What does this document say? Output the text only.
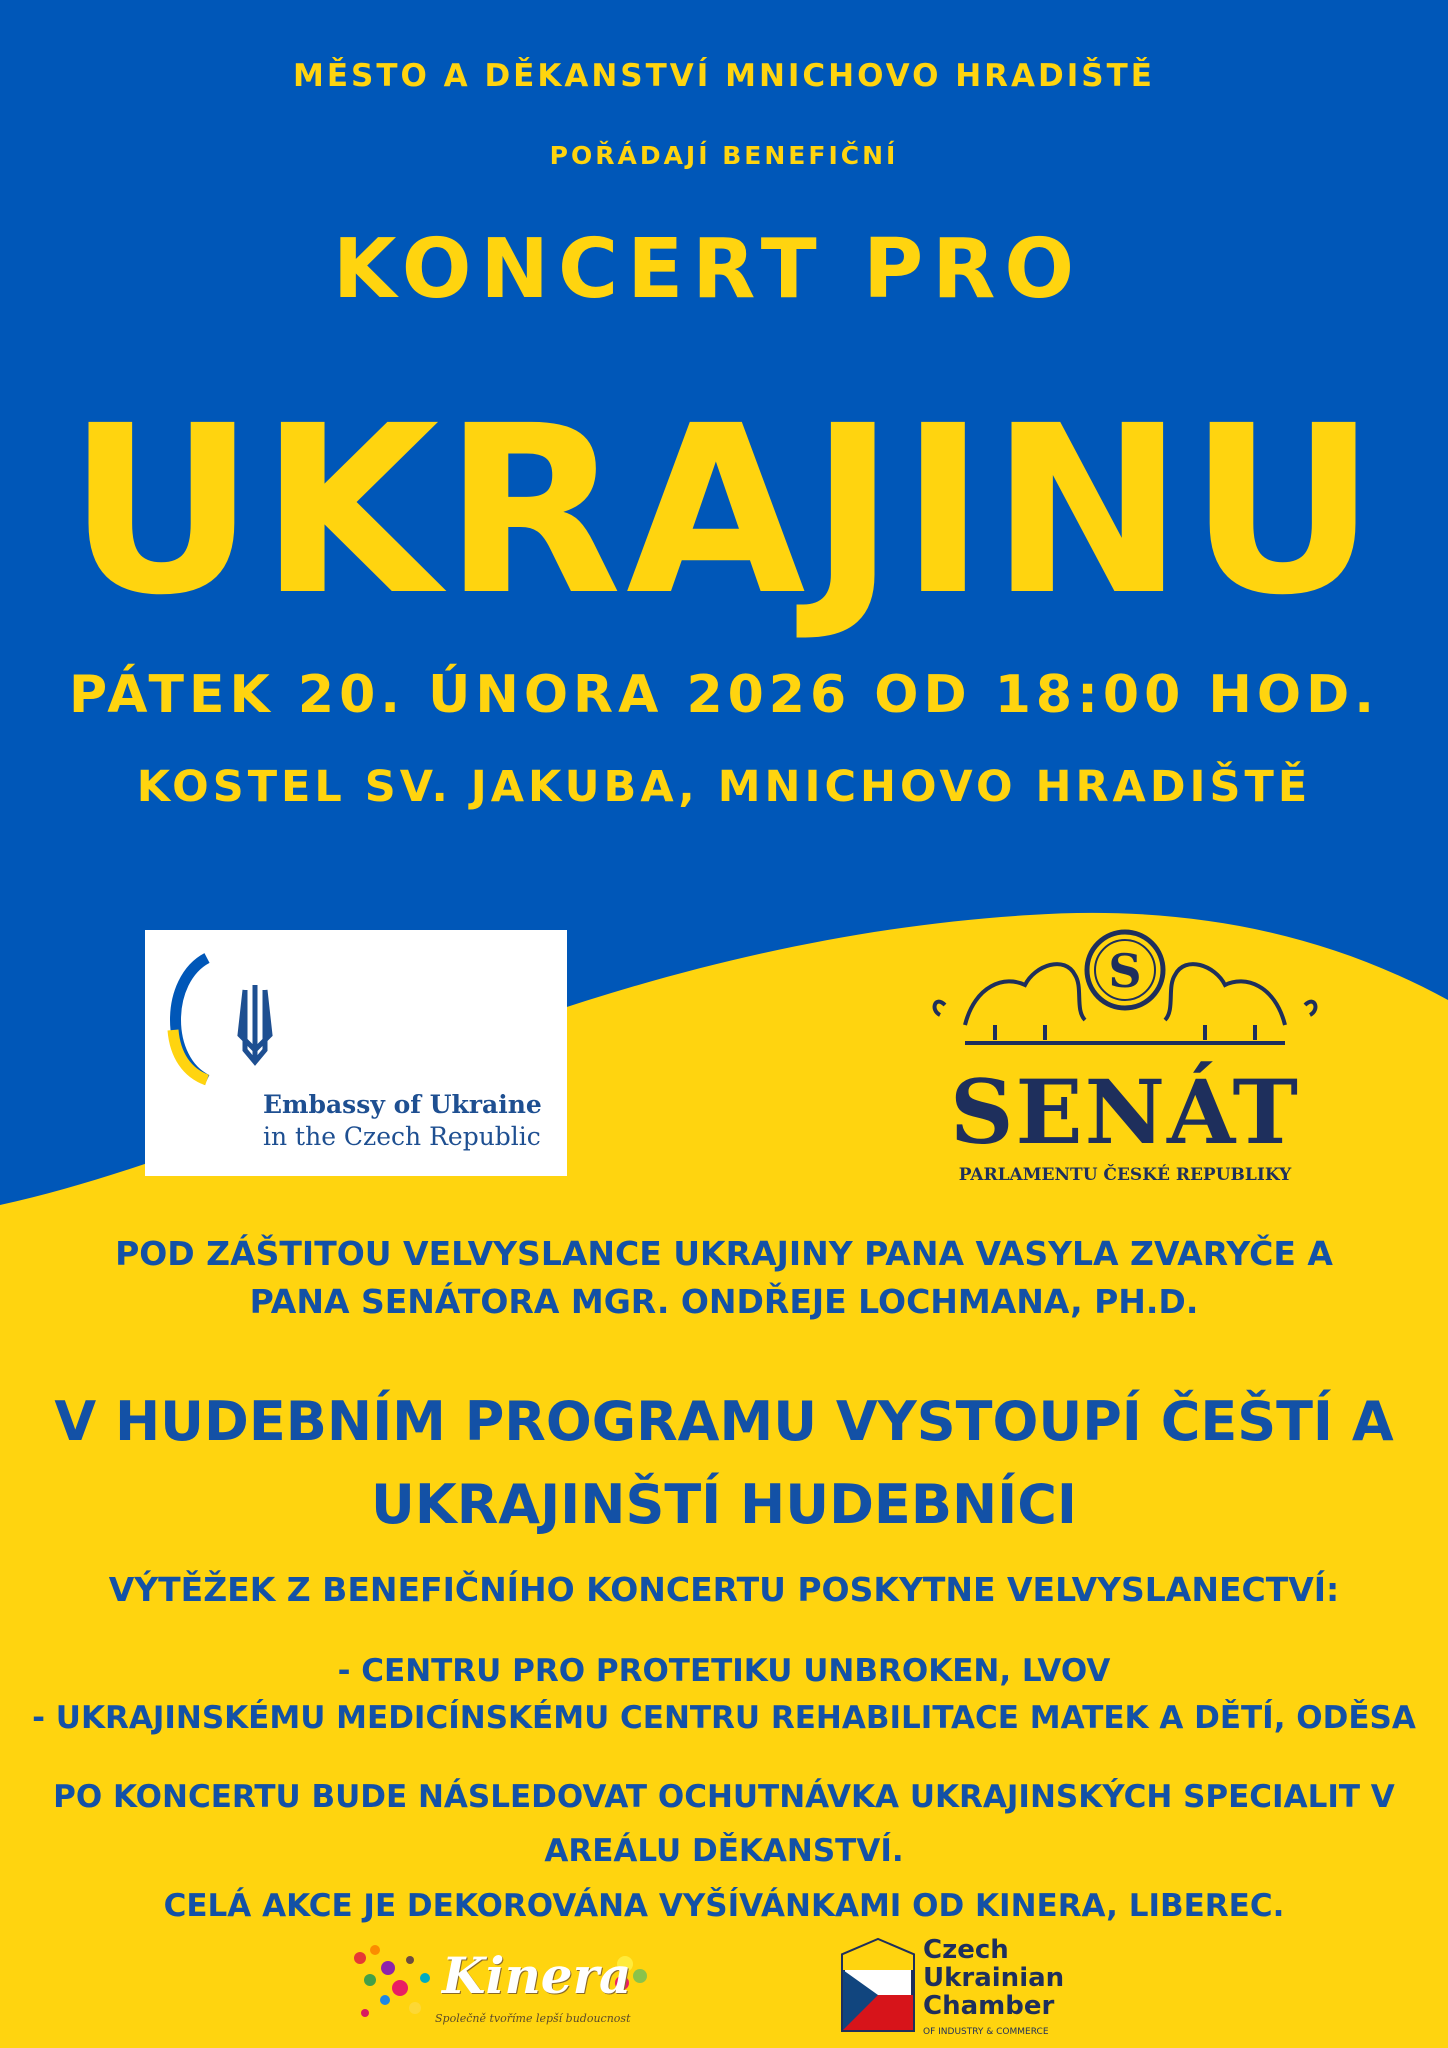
MĚSTO A DĚKANSTVÍ MNICHOVO HRADIŠTĚ
POŘÁDAJÍ BENEFIČNÍ
KONCERT PRO
UKRAJINU
PÁTEK 20. ÚNORA 2026 OD 18:00 HOD.
KOSTEL SV. JAKUBA, MNICHOVO HRADIŠTĚ
Embassy of Ukraine
in the Czech Republic
S
SENÁT
PARLAMENTU ČESKÉ REPUBLIKY
POD ZÁŠTITOU VELVYSLANCE UKRAJINY PANA VASYLA ZVARYČE A PANA SENÁTORA MGR. ONDŘEJE LOCHMANA, PH.D.
V HUDEBNÍM PROGRAMU VYSTOUPÍ ČEŠTÍ A UKRAJINŠTÍ HUDEBNÍCI
VÝTĚŽEK Z BENEFIČNÍHO KONCERTU POSKYTNE VELVYSLANECTVÍ:
- CENTRU PRO PROTETIKU UNBROKEN, LVOV
- UKRAJINSKÉMU MEDICÍNSKÉMU CENTRU REHABILITACE MATEK A DĚTÍ, ODĚSA
PO KONCERTU BUDE NÁSLEDOVAT OCHUTNÁVKA UKRAJINSKÝCH SPECIALIT V AREÁLU DĚKANSTVÍ.
CELÁ AKCE JE DEKOROVÁNA VYŠÍVÁNKAMI OD KINERA, LIBEREC.
Kinera
Společně tvoříme lepší budoucnost
Czech
Ukrainian
Chamber
OF INDUSTRY & COMMERCE
